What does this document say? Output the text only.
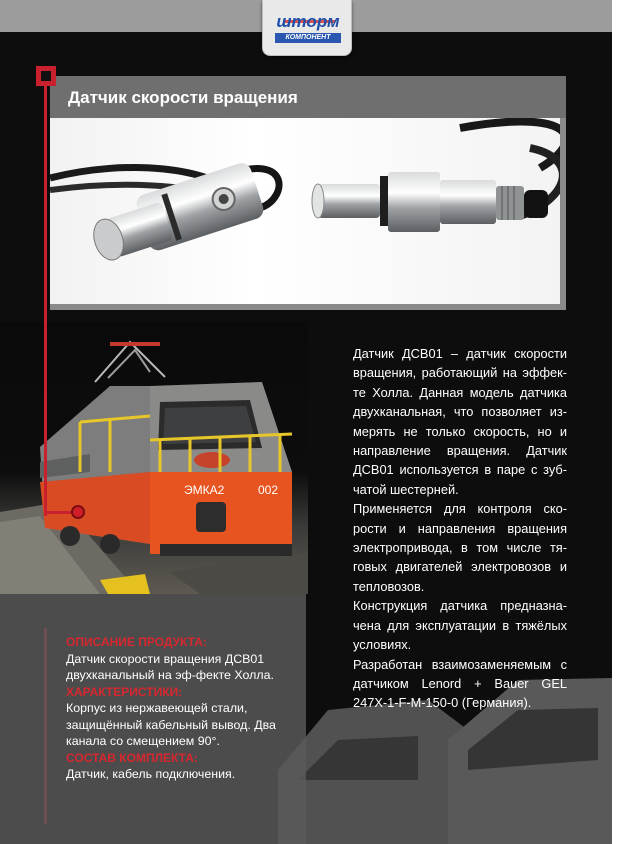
шторм
КОМПОНЕНТ
ЭМКА2	002
Датчик скорости вращения

Датчик ДСВ01 – датчик скорости вращения, работающий на эффек-те Холла. Данная модель датчика двухканальная, что позволяет из-мерять не только скорость, но и направление вращения. Датчик ДСВ01 используется в паре с зуб-чатой шестерней.

Применяется для контроля ско-рости и направления вращения электропривода, в том числе тя-говых двигателей электровозов и тепловозов.

Конструкция датчика предназна-чена для эксплуатации в тяжёлых условиях.

Разработан взаимозаменяемым с датчиком Lenord + Bauer GEL 247X-1-F-M-150-0 (Германия).

ОПИСАНИЕ ПРОДУКТА:
Датчик скорости вращения ДСВ01 двухканальный на эф-фекте Холла.
ХАРАКТЕРИСТИКИ:
Корпус из нержавеющей стали, защищённый кабельный вывод. Два канала со смещением 90°.
СОСТАВ КОМПЛЕКТА:
Датчик, кабель подключения.
